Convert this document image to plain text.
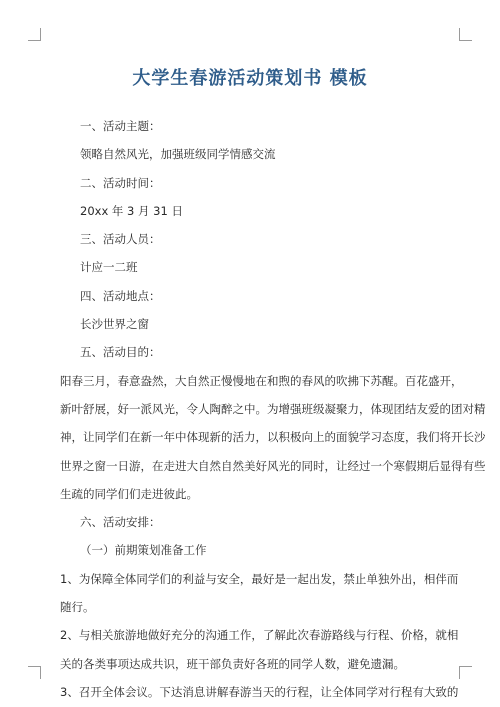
大学生春游活动策划书 模板
一、活动主题：
领略自然风光，加强班级同学情感交流
二、活动时间：
20xx 年 3 月 31 日
三、活动人员：
计应一二班
四、活动地点：
长沙世界之窗
五、活动目的：
阳春三月，春意盎然，大自然正慢慢地在和煦的春风的吹拂下苏醒。百花盛开，
新叶舒展，好一派风光，令人陶醉之中。为增强班级凝聚力，体现团结友爱的团对精
神，让同学们在新一年中体现新的活力，以积极向上的面貌学习态度，我们将开长沙
世界之窗一日游，在走进大自然自然美好风光的同时，让经过一个寒假期后显得有些
生疏的同学们们走进彼此。
六、活动安排：
（一）前期策划准备工作
1、为保障全体同学们的利益与安全，最好是一起出发，禁止单独外出，相伴而
随行。
2、与相关旅游地做好充分的沟通工作，了解此次春游路线与行程、价格，就相
关的各类事项达成共识，班干部负责好各班的同学人数，避免遗漏。
3、召开全体会议。下达消息讲解春游当天的行程，让全体同学对行程有大致的
